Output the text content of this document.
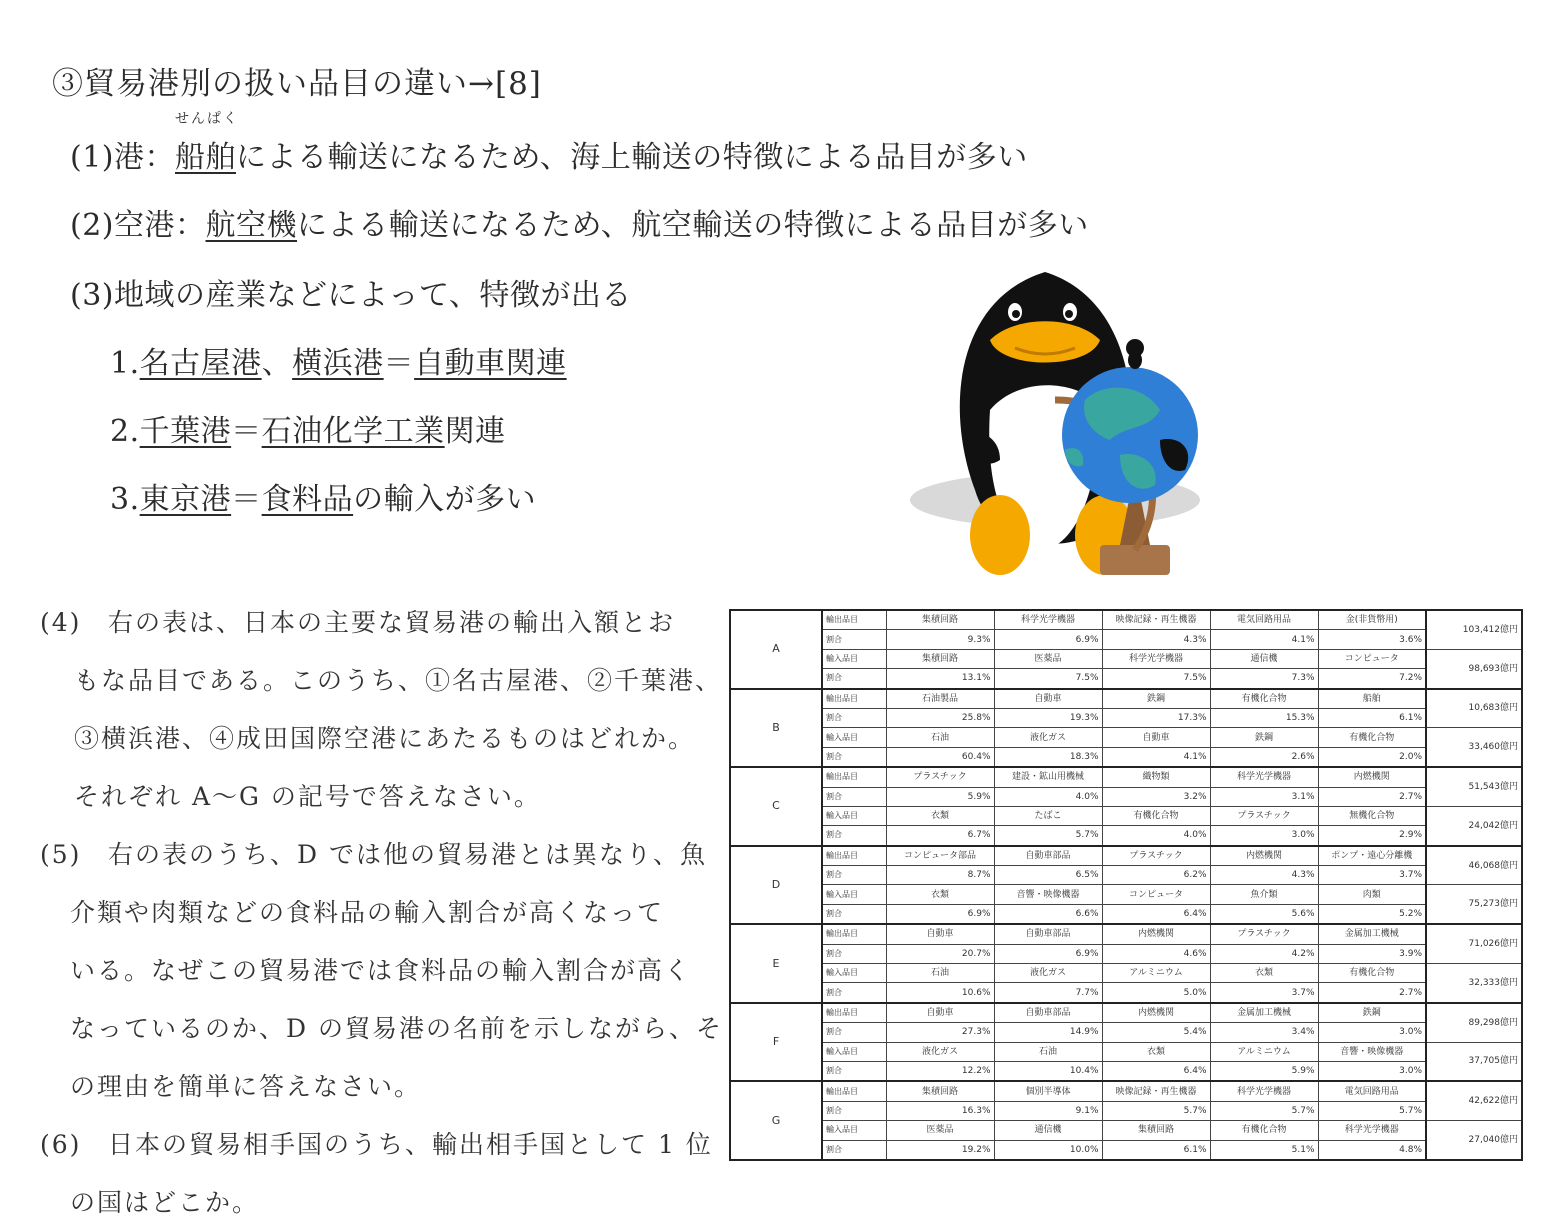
③貿易港別の扱い品目の違い→[8]
(1)港：
せんぱく
船舶による輸送になるため、海上輸送の特徴による品目が多い
(2)空港：航空機による輸送になるため、航空輸送の特徴による品目が多い
(3)地域の産業などによって、特徴が出る
1.名古屋港、横浜港＝自動車関連
2.千葉港＝石油化学工業関連
3.東京港＝食料品の輸入が多い
(4) 右の表は、日本の主要な貿易港の輸出入額とお
もな品目である。このうち、①名古屋港、②千葉港、
③横浜港、④成田国際空港にあたるものはどれか。
それぞれ A～G の記号で答えなさい。
(5) 右の表のうち、D では他の貿易港とは異なり、魚
介類や肉類などの食料品の輸入割合が高くなって
いる。なぜこの貿易港では食料品の輸入割合が高く
なっているのか、D の貿易港の名前を示しながら、そ
の理由を簡単に答えなさい。
(6) 日本の貿易相手国のうち、輸出相手国として 1 位
の国はどこか。
A	輸出品目	集積回路	科学光学機器	映像記録・再生機器	電気回路用品	金(非貨幣用)	103,412億円
	割合	9.3%	6.9%	4.3%	4.1%	3.6%	
	輸入品目	集積回路	医薬品	科学光学機器	通信機	コンピュータ	98,693億円
	割合	13.1%	7.5%	7.5%	7.3%	7.2%	
B	輸出品目	石油製品	自動車	鉄鋼	有機化合物	船舶	10,683億円
	割合	25.8%	19.3%	17.3%	15.3%	6.1%	
	輸入品目	石油	液化ガス	自動車	鉄鋼	有機化合物	33,460億円
	割合	60.4%	18.3%	4.1%	2.6%	2.0%	
C	輸出品目	プラスチック	建設・鉱山用機械	織物類	科学光学機器	内燃機関	51,543億円
	割合	5.9%	4.0%	3.2%	3.1%	2.7%	
	輸入品目	衣類	たばこ	有機化合物	プラスチック	無機化合物	24,042億円
	割合	6.7%	5.7%	4.0%	3.0%	2.9%	
D	輸出品目	コンピュータ部品	自動車部品	プラスチック	内燃機関	ポンプ・遠心分離機	46,068億円
	割合	8.7%	6.5%	6.2%	4.3%	3.7%	
	輸入品目	衣類	音響・映像機器	コンピュータ	魚介類	肉類	75,273億円
	割合	6.9%	6.6%	6.4%	5.6%	5.2%	
E	輸出品目	自動車	自動車部品	内燃機関	プラスチック	金属加工機械	71,026億円
	割合	20.7%	6.9%	4.6%	4.2%	3.9%	
	輸入品目	石油	液化ガス	アルミニウム	衣類	有機化合物	32,333億円
	割合	10.6%	7.7%	5.0%	3.7%	2.7%	
F	輸出品目	自動車	自動車部品	内燃機関	金属加工機械	鉄鋼	89,298億円
	割合	27.3%	14.9%	5.4%	3.4%	3.0%	
	輸入品目	液化ガス	石油	衣類	アルミニウム	音響・映像機器	37,705億円
	割合	12.2%	10.4%	6.4%	5.9%	3.0%	
G	輸出品目	集積回路	個別半導体	映像記録・再生機器	科学光学機器	電気回路用品	42,622億円
	割合	16.3%	9.1%	5.7%	5.7%	5.7%	
	輸入品目	医薬品	通信機	集積回路	有機化合物	科学光学機器	27,040億円
	割合	19.2%	10.0%	6.1%	5.1%	4.8%	
